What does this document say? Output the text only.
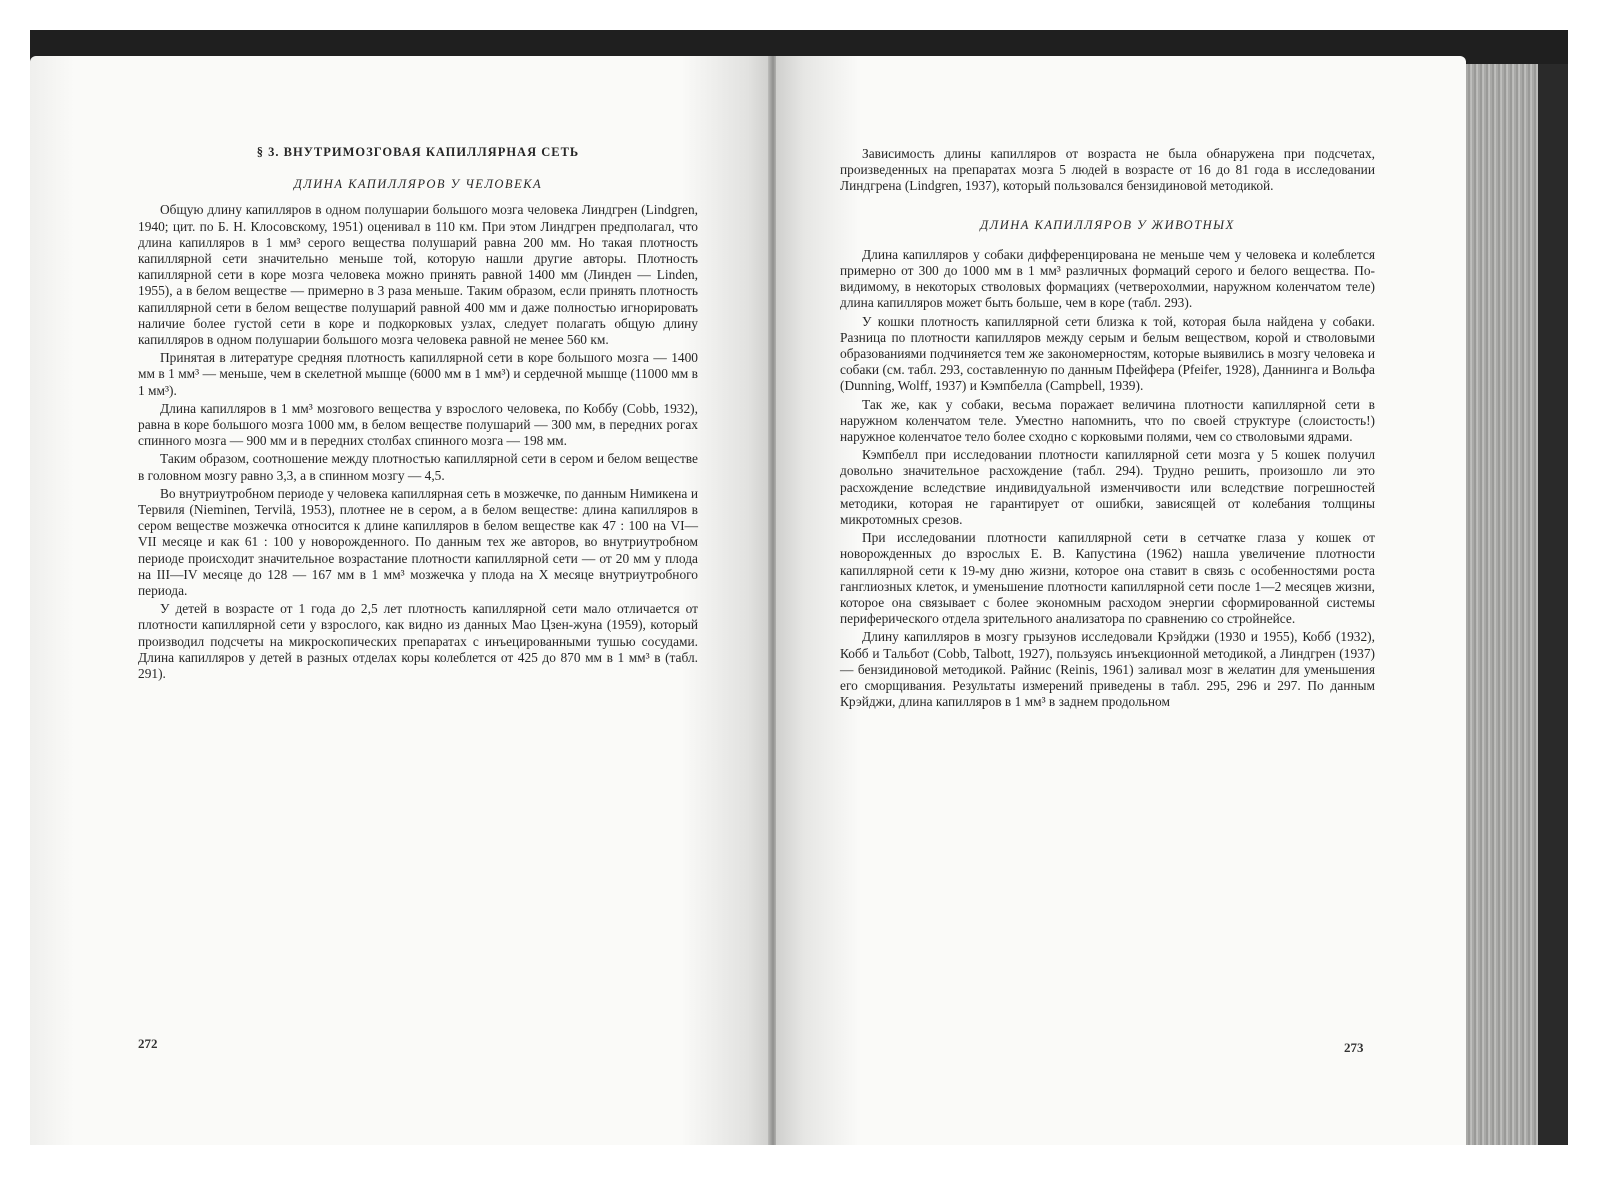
§ 3. ВНУТРИМОЗГОВАЯ КАПИЛЛЯРНАЯ СЕТЬ
ДЛИНА КАПИЛЛЯРОВ У ЧЕЛОВЕКА

Общую длину капилляров в одном полушарии большого мозга человека Линдгрен (Lindgren, 1940; цит. по Б. Н. Клосовскому, 1951) оценивал в 110 км. При этом Линдгрен предполагал, что длина капилляров в 1 мм³ серого вещества полушарий равна 200 мм. Но такая плотность капиллярной сети значительно меньше той, которую нашли другие авторы. Плотность капиллярной сети в коре мозга человека можно принять равной 1400 мм (Линден — Linden, 1955), а в белом веществе — примерно в 3 раза меньше. Таким образом, если принять плотность капиллярной сети в белом веществе полушарий равной 400 мм и даже полностью игнорировать наличие более густой сети в коре и подкорковых узлах, следует полагать общую длину капилляров в одном полушарии большого мозга человека равной не менее 560 км.

Принятая в литературе средняя плотность капиллярной сети в коре большого мозга — 1400 мм в 1 мм³ — меньше, чем в скелетной мышце (6000 мм в 1 мм³) и сердечной мышце (11000 мм в 1 мм³).

Длина капилляров в 1 мм³ мозгового вещества у взрослого человека, по Коббу (Cobb, 1932), равна в коре большого мозга 1000 мм, в белом веществе полушарий — 300 мм, в передних рогах спинного мозга — 900 мм и в передних столбах спинного мозга — 198 мм.

Таким образом, соотношение между плотностью капиллярной сети в сером и белом веществе в головном мозгу равно 3,3, а в спинном мозгу — 4,5.

Во внутриутробном периоде у человека капиллярная сеть в мозжечке, по данным Нимикена и Тервиля (Nieminen, Tervilä, 1953), плотнее не в сером, а в белом веществе: длина капилляров в сером веществе мозжечка относится к длине капилляров в белом веществе как 47 : 100 на VI—VII месяце и как 61 : 100 у новорожденного. По данным тех же авторов, во внутриутробном периоде происходит значительное возрастание плотности капиллярной сети — от 20 мм у плода на III—IV месяце до 128 — 167 мм в 1 мм³ мозжечка у плода на X месяце внутриутробного периода.

У детей в возрасте от 1 года до 2,5 лет плотность капиллярной сети мало отличается от плотности капиллярной сети у взрослого, как видно из данных Мао Цзен-жуна (1959), который производил подсчеты на микроскопических препаратах с инъецированными тушью сосудами. Длина капилляров у детей в разных отделах коры колеблется от 425 до 870 мм в 1 мм³ в (табл. 291).

272

Зависимость длины капилляров от возраста не была обнаружена при подсчетах, произведенных на препаратах мозга 5 людей в возрасте от 16 до 81 года в исследовании Линдгрена (Lindgren, 1937), который пользовался бензидиновой методикой.

ДЛИНА КАПИЛЛЯРОВ У ЖИВОТНЫХ

Длина капилляров у собаки дифференцирована не меньше чем у человека и колеблется примерно от 300 до 1000 мм в 1 мм³ различных формаций серого и белого вещества. По-видимому, в некоторых стволовых формациях (четверохолмии, наружном коленчатом теле) длина капилляров может быть больше, чем в коре (табл. 293).

У кошки плотность капиллярной сети близка к той, которая была найдена у собаки. Разница по плотности капилляров между серым и белым веществом, корой и стволовыми образованиями подчиняется тем же закономерностям, которые выявились в мозгу человека и собаки (см. табл. 293, составленную по данным Пфейфера (Pfeifer, 1928), Даннинга и Вольфа (Dunning, Wolff, 1937) и Кэмпбелла (Campbell, 1939).

Так же, как у собаки, весьма поражает величина плотности капиллярной сети в наружном коленчатом теле. Уместно напомнить, что по своей структуре (слоистость!) наружное коленчатое тело более сходно с корковыми полями, чем со стволовыми ядрами.

Кэмпбелл при исследовании плотности капиллярной сети мозга у 5 кошек получил довольно значительное расхождение (табл. 294). Трудно решить, произошло ли это расхождение вследствие индивидуальной изменчивости или вследствие погрешностей методики, которая не гарантирует от ошибки, зависящей от колебания толщины микротомных срезов.

При исследовании плотности капиллярной сети в сетчатке глаза у кошек от новорожденных до взрослых Е. В. Капустина (1962) нашла увеличение плотности капиллярной сети к 19-му дню жизни, которое она ставит в связь с особенностями роста ганглиозных клеток, и уменьшение плотности капиллярной сети после 1—2 месяцев жизни, которое она связывает с более экономным расходом энергии сформированной системы периферического отдела зрительного анализатора по сравнению со стройнейсе.

Длину капилляров в мозгу грызунов исследовали Крэйджи (1930 и 1955), Кобб (1932), Кобб и Тальбот (Cobb, Talbott, 1927), пользуясь инъекционной методикой, а Линдгрен (1937) — бензидиновой методикой. Райнис (Reinis, 1961) заливал мозг в желатин для уменьшения его сморщивания. Результаты измерений приведены в табл. 295, 296 и 297. По данным Крэйджи, длина капилляров в 1 мм³ в заднем продольном

273
